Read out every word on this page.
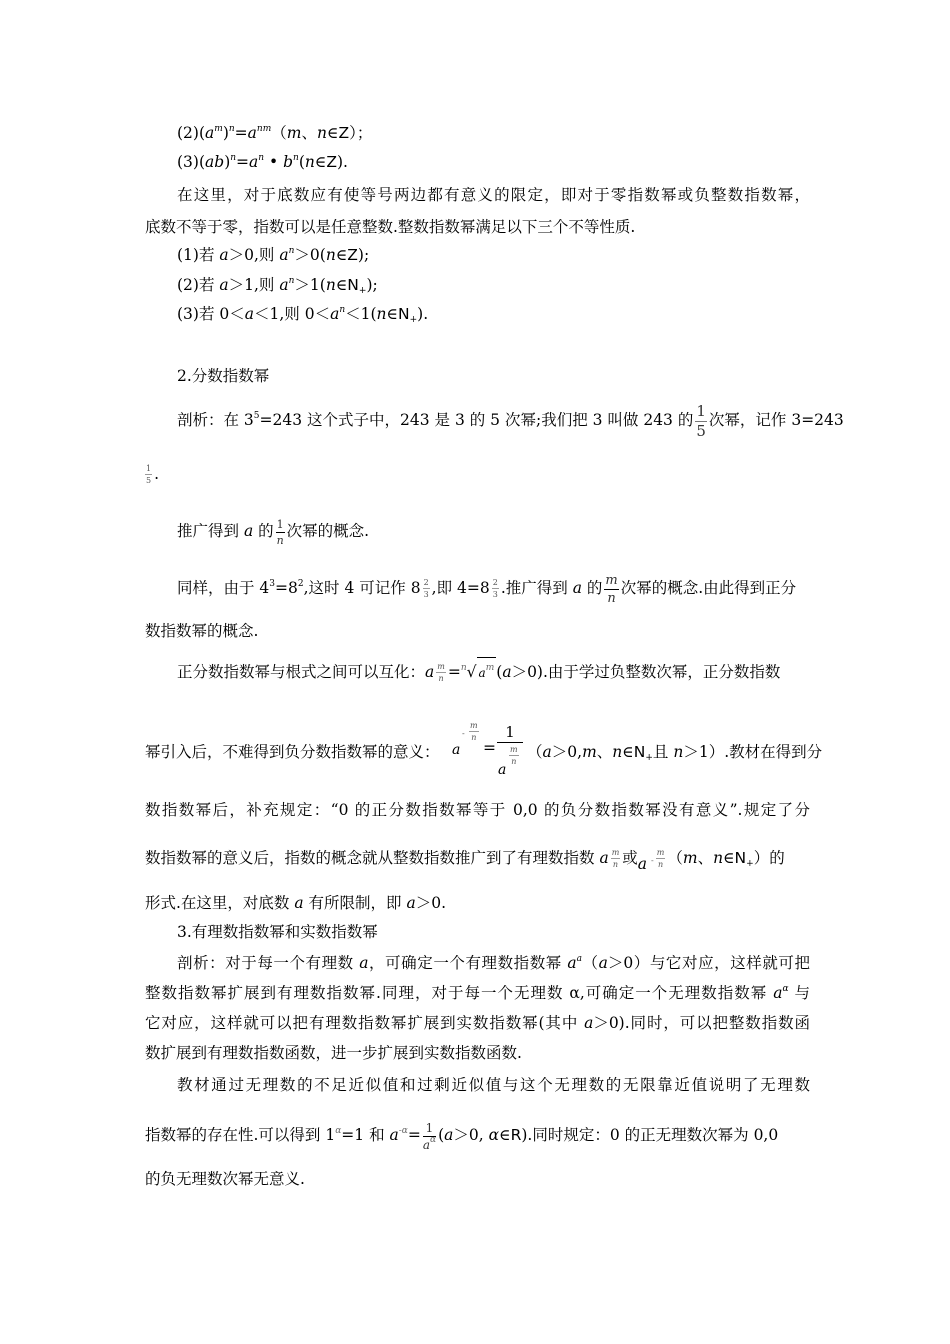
$(2)(a^m)^n=a^{nm}(m$、n∈Z）；
$(3)(ab)^n=a^n$ • $b^n(n\in Z)$.
在这里，对于底数应有使等号两边都有意义的限定，即对于零指数幂或负整数指数幂，
底数不等于零，指数可以是任意整数.整数指数幂满足以下三个不等性质.
(1)若 a＞0,则 $a^n>0(n\in Z)$;
(2)若 a＞1,则 $a^n>1(n\in N_+)$;
(3)若 0＜a＜1,则 $0<a^n<1(n\in N_+)$.
2.分数指数幂
剖析：在 $3^5=243$ 这个式子中，243 是 3 的 5 次幂;我们把 3 叫做 243 的 $\frac{1}{5}$ 次幂，记作 3=243
$\frac{1}{5}$ .
推广得到 a 的 $\frac{1}{n}$ 次幂的概念.
同样，由于 $4^3=8^2$,这时 4 可记作 $8 \frac{2}{3}$ ,即 $4=8 \frac{2}{3}$ .推广得到 a 的 $\frac{m}{n}$ 次幂的概念.由此得到正分
数指数幂的概念.
正分数指数幂与根式之间可以互化：a $\frac{m}{n} =^n√$ $a^m$ (a＞0).由于学过负整数次幂，正分数指数
幂引入后，不难得到负分数指数幂的意义： a
- $\frac{m}{n}$
=
1
a
$\frac{m}{n} (a>0,m$、$n\in N_+$且 n＞1）.教材在得到分
数指数幂后，补充规定：“0 的正分数指数幂等于 0,0 的负分数指数幂没有意义”.规定了分
数指数幂的意义后，指数的概念就从整数指数推广到了有理数指数 a $\frac{m}{n}$ 或a - $\frac{m}{n} (m$、$n\in N_+$）的
形式.在这里，对底数 a 有所限制，即 a＞0.
3.有理数指数幂和实数指数幂
剖析：对于每一个有理数 a，可确定一个有理数指数幂 $a^a(a>0)$与它对应，这样就可把
整数指数幂扩展到有理数指数幂.同理，对于每一个无理数 α,可确定一个无理数指数幂 $a^\alpha$ 与
它对应，这样就可以把有理数指数幂扩展到实数指数幂(其中 a＞0).同时，可以把整数指数函
数扩展到有理数指数函数，进一步扩展到实数指数函数.
教材通过无理数的不足近似值和过剩近似值与这个无理数的无限靠近值说明了无理数
指数幂的存在性.可以得到 $1^\alpha=1$ 和 $a^{-\alpha}= \frac{1}{a^\alpha} (a>0$, α∈R).同时规定：0 的正无理数次幂为 0,0
的负无理数次幂无意义.
